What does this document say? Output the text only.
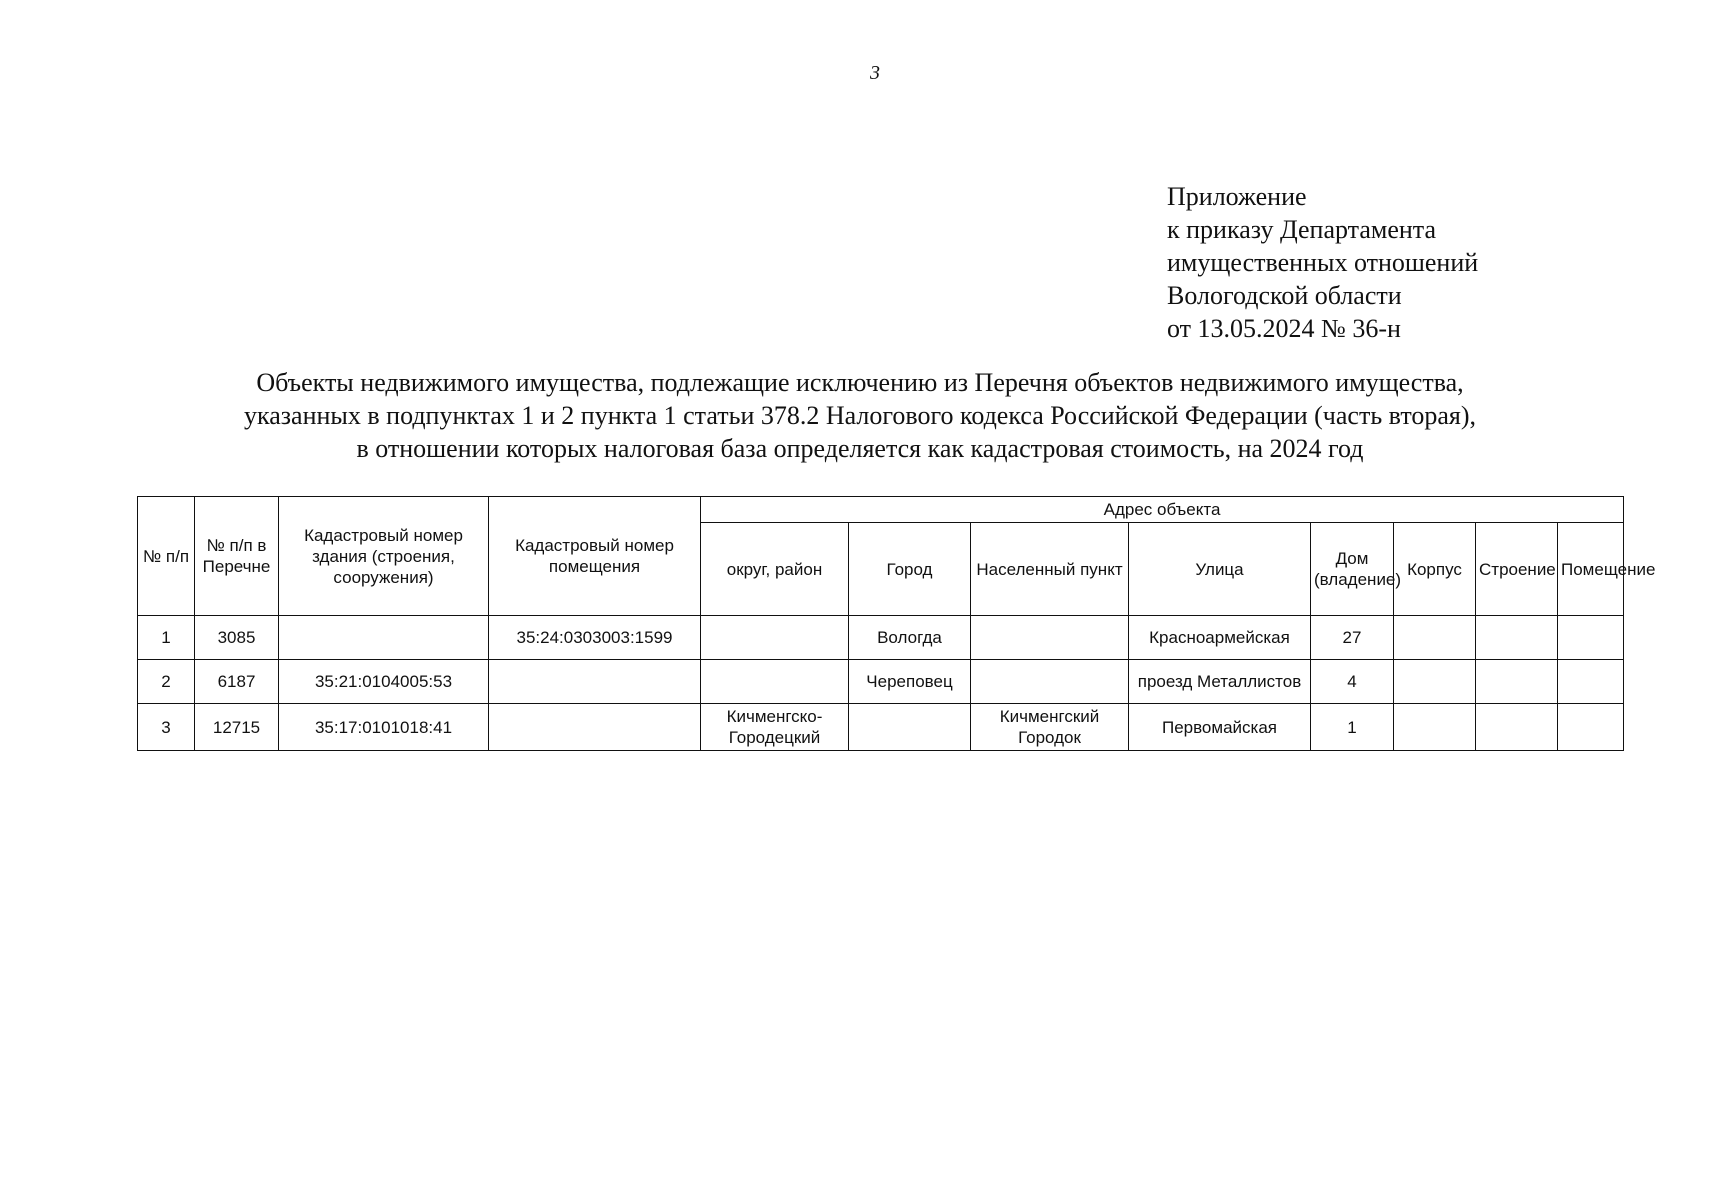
3
Приложение
к приказу Департамента
имущественных отношений
Вологодской области
от 13.05.2024 № 36-н
Объекты недвижимого имущества, подлежащие исключению из Перечня объектов недвижимого имущества,
указанных в подпунктах 1 и 2 пункта 1 статьи 378.2 Налогового кодекса Российской Федерации (часть вторая),
в отношении которых налоговая база определяется как кадастровая стоимость, на 2024 год
№ п/п	№ п/п в Перечне	Кадастровый номер здания (строения, сооружения)	Кадастровый номер помещения	Адрес объекта							
				округ, район	Город	Населенный пункт	Улица	Дом (владение)	Корпус	Строение	Помещение
1	3085		35:24:0303003:1599		Вологда		Красноармейская	27			
2	6187	35:21:0104005:53			Череповец		проезд Металлистов	4			
3	12715	35:17:0101018:41		Кичменгско-Городецкий		Кичменгский Городок	Первомайская	1			
